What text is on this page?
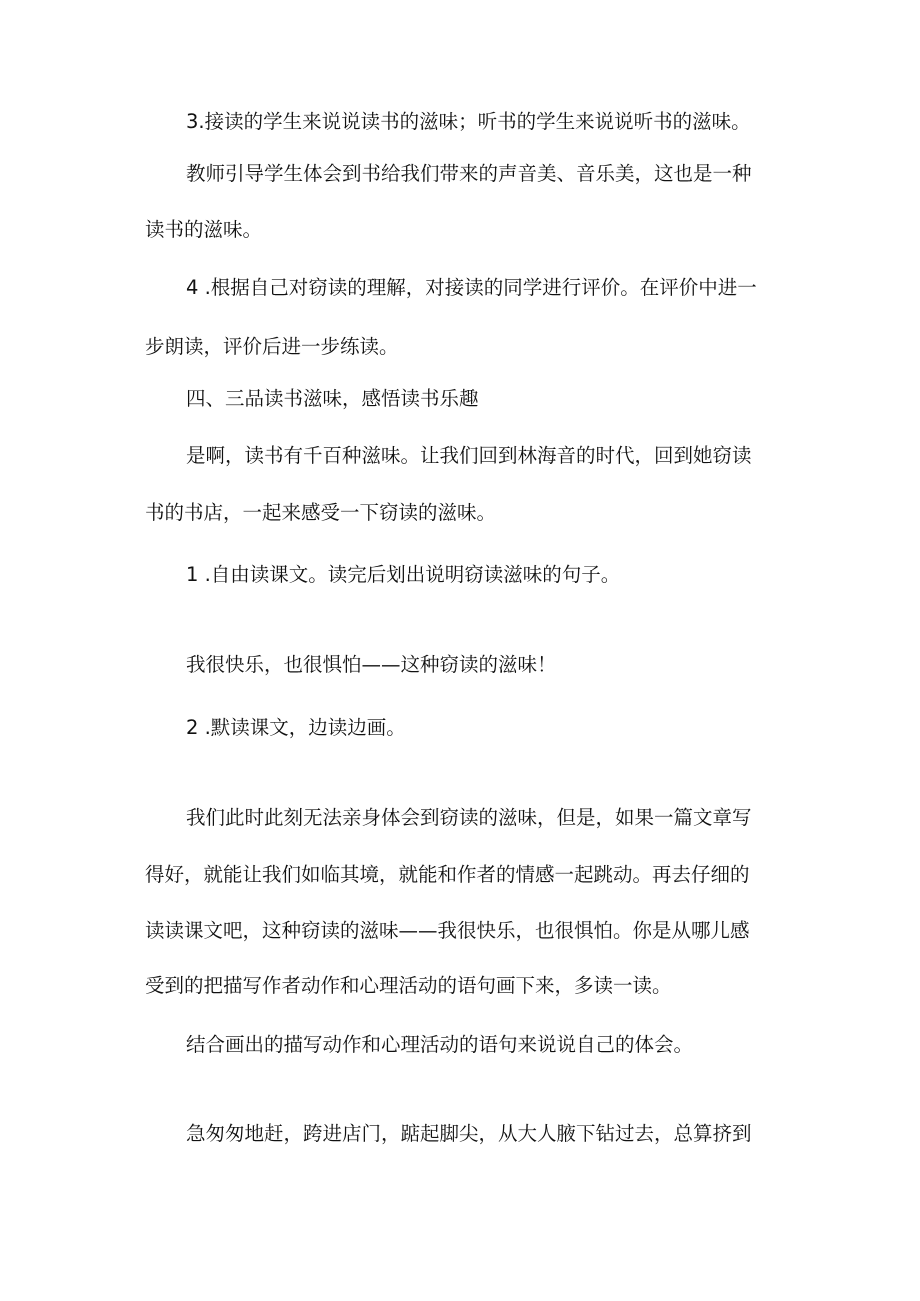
3.接读的学生来说说读书的滋味；听书的学生来说说听书的滋味。

教师引导学生体会到书给我们带来的声音美、音乐美，这也是一种

读书的滋味。

4 .根据自己对窃读的理解，对接读的同学进行评价。在评价中进一

步朗读，评价后进一步练读。

四、三品读书滋味，感悟读书乐趣

是啊，读书有千百种滋味。让我们回到林海音的时代，回到她窃读

书的书店，一起来感受一下窃读的滋味。

1 .自由读课文。读完后划出说明窃读滋味的句子。

我很快乐，也很惧怕——这种窃读的滋味！

2 .默读课文，边读边画。

我们此时此刻无法亲身体会到窃读的滋味，但是，如果一篇文章写

得好，就能让我们如临其境，就能和作者的情感一起跳动。再去仔细的

读读课文吧，这种窃读的滋味——我很快乐，也很惧怕。你是从哪儿感

受到的把描写作者动作和心理活动的语句画下来，多读一读。

结合画出的描写动作和心理活动的语句来说说自己的体会。

急匆匆地赶，跨进店门，踮起脚尖，从大人腋下钻过去，总算挤到
